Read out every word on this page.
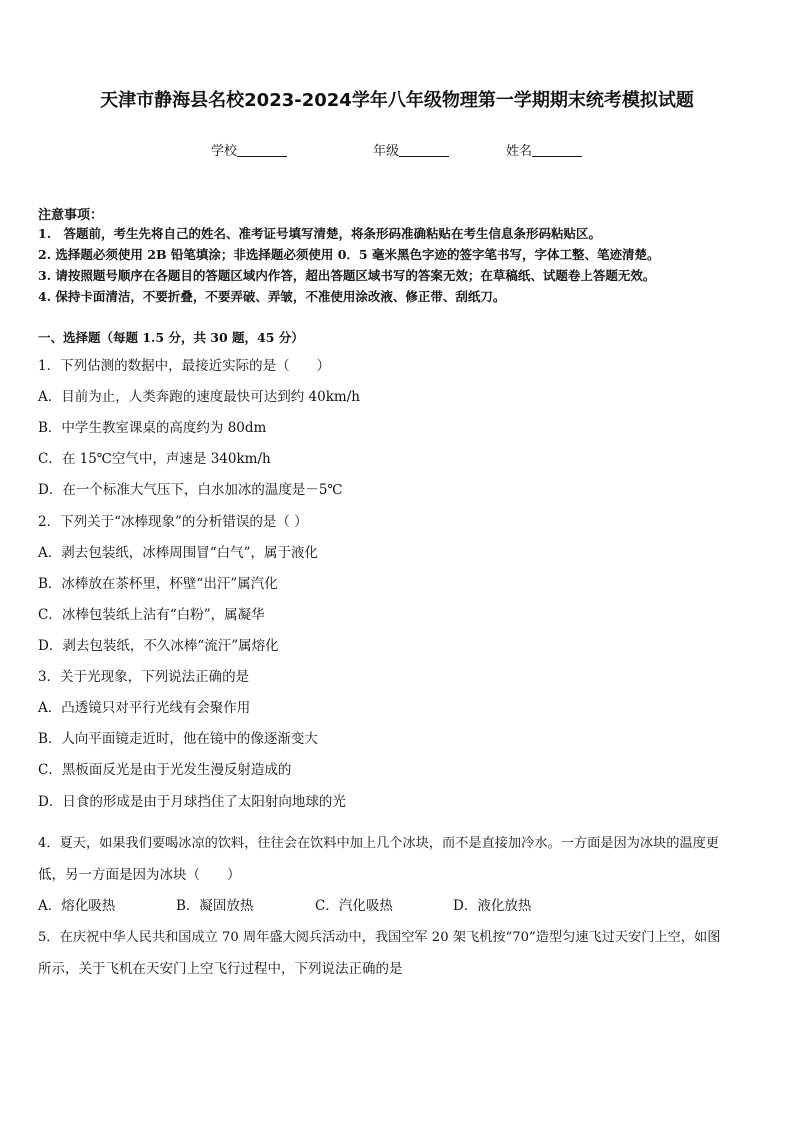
天津市静海县名校2023-2024学年八年级物理第一学期期末统考模拟试题
学校	年级	姓名
注意事项：
1.　答题前，考生先将自己的姓名、准考证号填写清楚，将条形码准确粘贴在考生信息条形码粘贴区。
2. 选择题必须使用 2B 铅笔填涂；非选择题必须使用 0．5 毫米黑色字迹的签字笔书写，字体工整、笔迹清楚。
3. 请按照题号顺序在各题目的答题区域内作答，超出答题区域书写的答案无效；在草稿纸、试题卷上答题无效。
4. 保持卡面清洁，不要折叠，不要弄破、弄皱，不准使用涂改液、修正带、刮纸刀。
一、选择题（每题 1.5 分，共 30 题，45 分）
1．下列估测的数据中，最接近实际的是（　　）
A．目前为止，人类奔跑的速度最快可达到约 40km/h
B．中学生教室课桌的高度约为 80dm
C．在 15℃空气中，声速是 340km/h
D．在一个标准大气压下，白水加冰的温度是－5℃
2．下列关于“冰棒现象”的分析错误的是（ ）
A．剥去包装纸，冰棒周围冒“白气”，属于液化
B．冰棒放在茶杯里，杯壁“出汗”属汽化
C．冰棒包装纸上沾有“白粉”，属凝华
D．剥去包装纸，不久冰棒“流汗”属熔化
3．关于光现象，下列说法正确的是
A．凸透镜只对平行光线有会聚作用
B．人向平面镜走近时，他在镜中的像逐渐变大
C．黑板面反光是由于光发生漫反射造成的
D．日食的形成是由于月球挡住了太阳射向地球的光
4．夏天，如果我们要喝冰凉的饮料，往往会在饮料中加上几个冰块，而不是直接加冷水。一方面是因为冰块的温度更
低，另一方面是因为冰块（　　）
A．熔化吸热	B．凝固放热	C．汽化吸热	D．液化放热
5．在庆祝中华人民共和国成立 70 周年盛大阅兵活动中，我国空军 20 架飞机按“70”造型匀速飞过天安门上空，如图
所示，关于飞机在天安门上空飞行过程中，下列说法正确的是
